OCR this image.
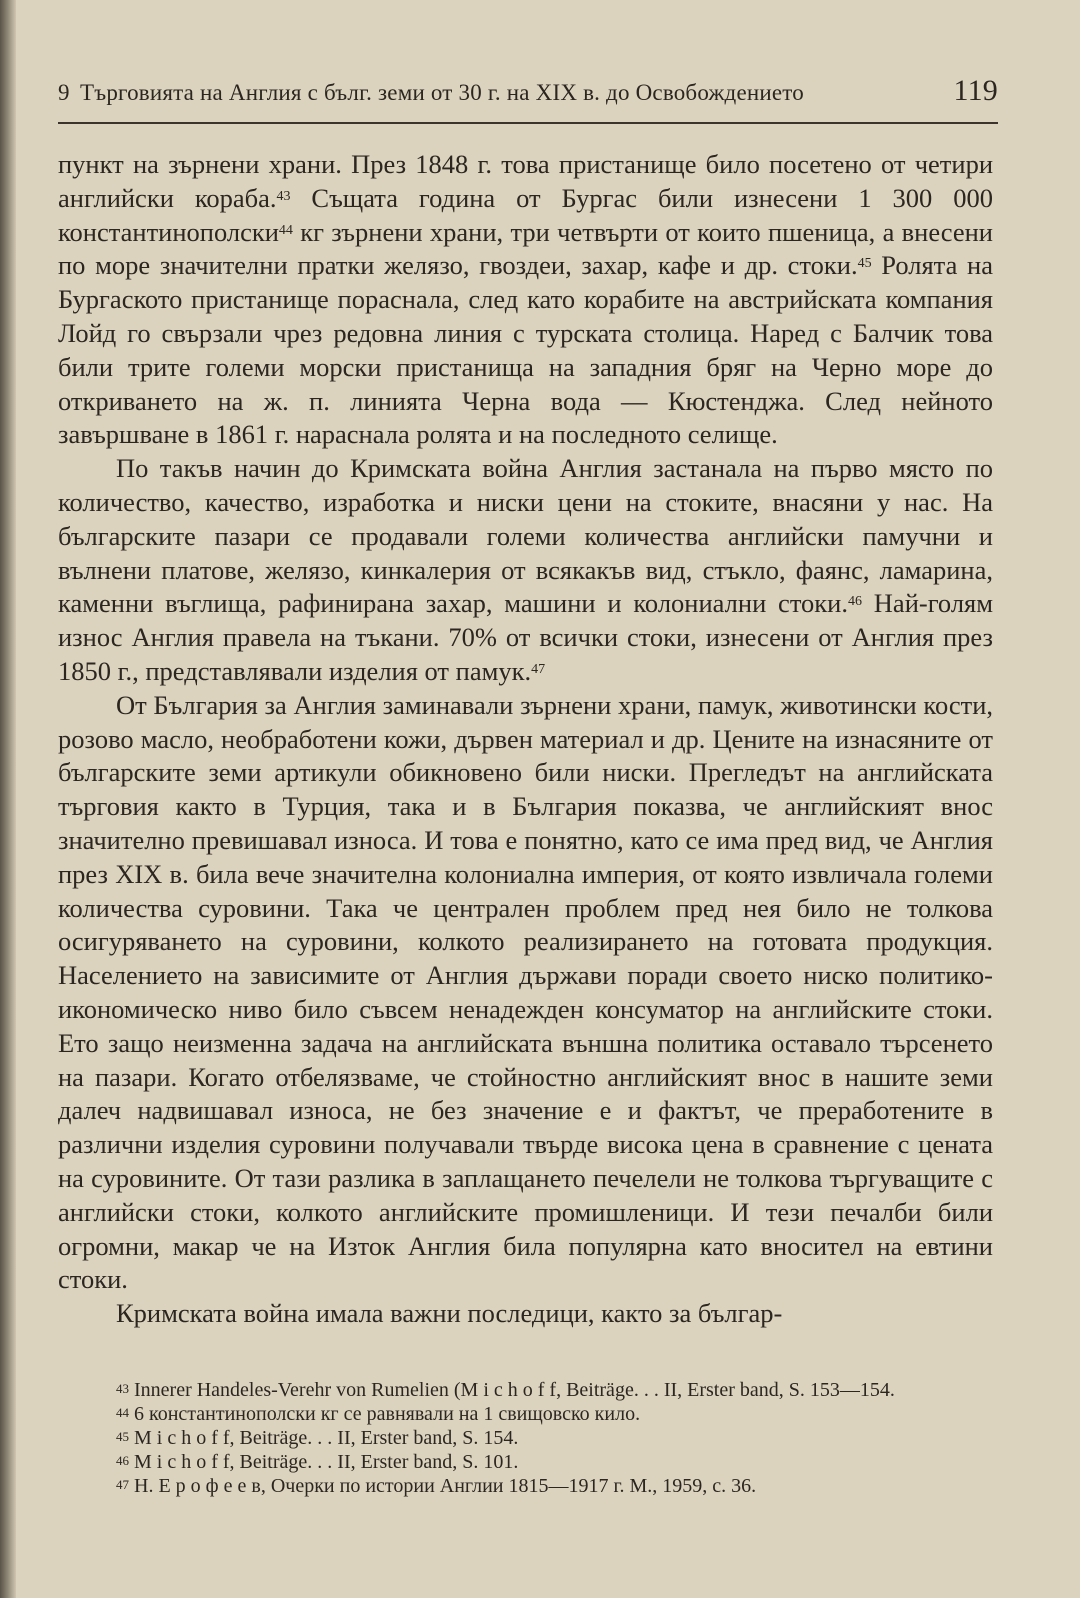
9 Търговията на Англия с бълг. земи от 30 г. на XIX в. до Освобождението	119

пункт на зърнени храни. През 1848 г. това пристанище било посетено от четири английски кораба.$^{43}$ Същата година от Бургас били изнесени 1 300 000 константинополски$^{44}$ кг зърнени храни, три четвърти от които пшеница, а внесени по море значителни пратки желязо, гвоздеи, захар, кафе и др. стоки.$^{45}$ Ролята на Бургаското пристанище пораснала, след като корабите на австрийската компания Лойд го свързали чрез редовна линия с турската столица. Наред с Балчик това били трите големи морски пристанища на западния бряг на Черно море до откриването на ж. п. линията Черна вода — Кюстенджа. След нейното завършване в 1861 г. нараснала ролята и на последното селище.

По такъв начин до Кримската война Англия застанала на първо място по количество, качество, изработка и ниски цени на стоките, внасяни у нас. На българските пазари се продавали големи количества английски памучни и вълнени платове, желязо, кинкалерия от всякакъв вид, стъкло, фаянс, ламарина, каменни въглища, рафинирана захар, машини и колониални стоки.$^{46}$ Най-голям износ Англия правела на тъкани. 70% от всички стоки, изнесени от Англия през 1850 г., представлявали изделия от памук.$^{47}$

От България за Англия заминавали зърнени храни, памук, животински кости, розово масло, необработени кожи, дървен материал и др. Цените на изнасяните от българските земи артикули обикновено били ниски. Прегледът на английската търговия както в Турция, така и в България показва, че английският внос значително превишавал износа. И това е понятно, като се има пред вид, че Англия през XIX в. била вече значителна колониална империя, от която извличала големи количества суровини. Така че централен проблем пред нея било не толкова осигуряването на суровини, колкото реализирането на готовата продукция. Населението на зависимите от Англия държави поради своето ниско политико-икономическо ниво било съвсем ненадежден консуматор на английските стоки. Ето защо неизменна задача на английската външна политика оставало търсенето на пазари. Когато отбелязваме, че стойностно английският внос в нашите земи далеч надвишавал износа, не без значение е и фактът, че преработените в различни изделия суровини получавали твърде висока цена в сравнение с цената на суровините. От тази разлика в заплащането печелели не толкова търгуващите с английски стоки, колкото английските промишленици. И тези печалби били огромни, макар че на Изток Англия била популярна като вносител на евтини стоки.

Кримската война имала важни последици, както за българ-

$^{43}$ Innerer Handeles-Verehr von Rumelien (M i c h o f f, Beiträge. . . II, Erster band, S. 153—154.

$^{44}$ 6 константинополски кг се равнявали на 1 свищовско кило.

$^{45}$ M i c h o f f, Beiträge. . . II, Erster band, S. 154.

$^{46}$ M i c h o f f, Beiträge. . . II, Erster band, S. 101.

$^{47}$ Н. Е р о ф е е в, Очерки по истории Англии 1815—1917 г. М., 1959, с. 36.
